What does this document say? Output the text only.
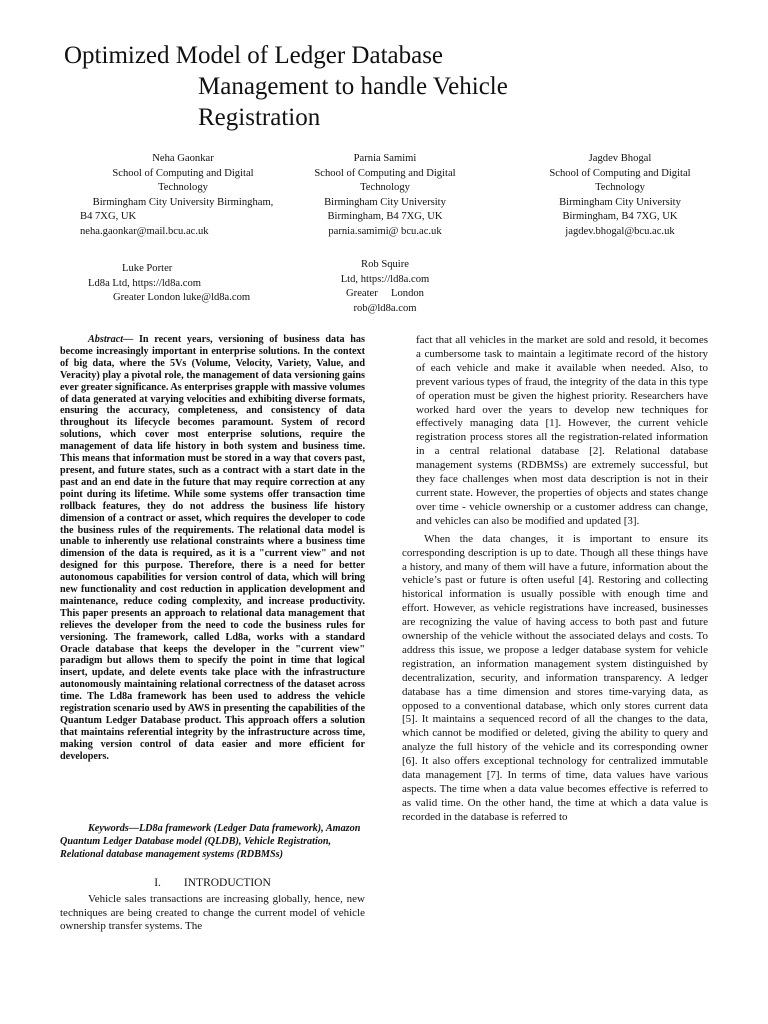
Optimized Model of Ledger Database
Management to handle Vehicle
Registration
Neha Gaonkar
School of Computing and Digital
Technology
Birmingham City University Birmingham,
B4 7XG, UK
neha.gaonkar@mail.bcu.ac.uk
Parnia Samimi
School of Computing and Digital
Technology
Birmingham City University
Birmingham, B4 7XG, UK
parnia.samimi@ bcu.ac.uk
Jagdev Bhogal
School of Computing and Digital
Technology
Birmingham City University
Birmingham, B4 7XG, UK
jagdev.bhogal@bcu.ac.uk
Luke Porter
Ld8a Ltd, https://ld8a.com
Greater London luke@ld8a.com
Rob Squire
Ltd, https://ld8a.com
Greater     London
rob@ld8a.com
Abstract— In recent years, versioning of business data has become increasingly important in enterprise solutions. In the context of big data, where the 5Vs (Volume, Velocity, Variety, Value, and Veracity) play a pivotal role, the management of data versioning gains ever greater significance. As enterprises grapple with massive volumes of data generated at varying velocities and exhibiting diverse formats, ensuring the accuracy, completeness, and consistency of data throughout its lifecycle becomes paramount. System of record solutions, which cover most enterprise solutions, require the management of data life history in both system and business time. This means that information must be stored in a way that covers past, present, and future states, such as a contract with a start date in the past and an end date in the future that may require correction at any point during its lifetime. While some systems offer transaction time rollback features, they do not address the business life history dimension of a contract or asset, which requires the developer to code the business rules of the requirements. The relational data model is unable to inherently use relational constraints where a business time dimension of the data is required, as it is a "current view" and not designed for this purpose. Therefore, there is a need for better autonomous capabilities for version control of data, which will bring new functionality and cost reduction in application development and maintenance, reduce coding complexity, and increase productivity. This paper presents an approach to relational data management that relieves the developer from the need to code the business rules for versioning. The framework, called Ld8a, works with a standard Oracle database that keeps the developer in the "current view" paradigm but allows them to specify the point in time that logical insert, update, and delete events take place with the infrastructure autonomously maintaining relational correctness of the dataset across time. The Ld8a framework has been used to address the vehicle registration scenario used by AWS in presenting the capabilities of the Quantum Ledger Database product. This approach offers a solution that maintains referential integrity by the infrastructure across time, making version control of data easier and more efficient for developers.
Keywords—LD8a framework (Ledger Data framework), Amazon Quantum Ledger Database model (QLDB), Vehicle Registration, Relational database management systems (RDBMSs)
I.  INTRODUCTION
Vehicle sales transactions are increasing globally, hence, new techniques are being created to change the current model of vehicle ownership transfer systems. The

fact that all vehicles in the market are sold and resold, it becomes a cumbersome task to maintain a legitimate record of the history of each vehicle and make it available when needed. Also, to prevent various types of fraud, the integrity of the data in this type of operation must be given the highest priority. Researchers have worked hard over the years to develop new techniques for effectively managing data [1]. However, the current vehicle registration process stores all the registration-related information in a central relational database [2]. Relational database management systems (RDBMSs) are extremely successful, but they face challenges when most data description is not in their current state. However, the properties of objects and states change over time - vehicle ownership or a customer address can change, and vehicles can also be modified and updated [3].

When the data changes, it is important to ensure its corresponding description is up to date. Though all these things have a history, and many of them will have a future, information about the vehicle’s past or future is often useful [4]. Restoring and collecting historical information is usually possible with enough time and effort. However, as vehicle registrations have increased, businesses are recognizing the value of having access to both past and future ownership of the vehicle without the associated delays and costs. To address this issue, we propose a ledger database system for vehicle registration, an information management system distinguished by decentralization, security, and information transparency. A ledger database has a time dimension and stores time-varying data, as opposed to a conventional database, which only stores current data [5]. It maintains a sequenced record of all the changes to the data, which cannot be modified or deleted, giving the ability to query and analyze the full history of the vehicle and its corresponding owner [6]. It also offers exceptional technology for centralized immutable data management [7]. In terms of time, data values have various aspects. The time when a data value becomes effective is referred to as valid time. On the other hand, the time at which a data value is recorded in the database is referred to
